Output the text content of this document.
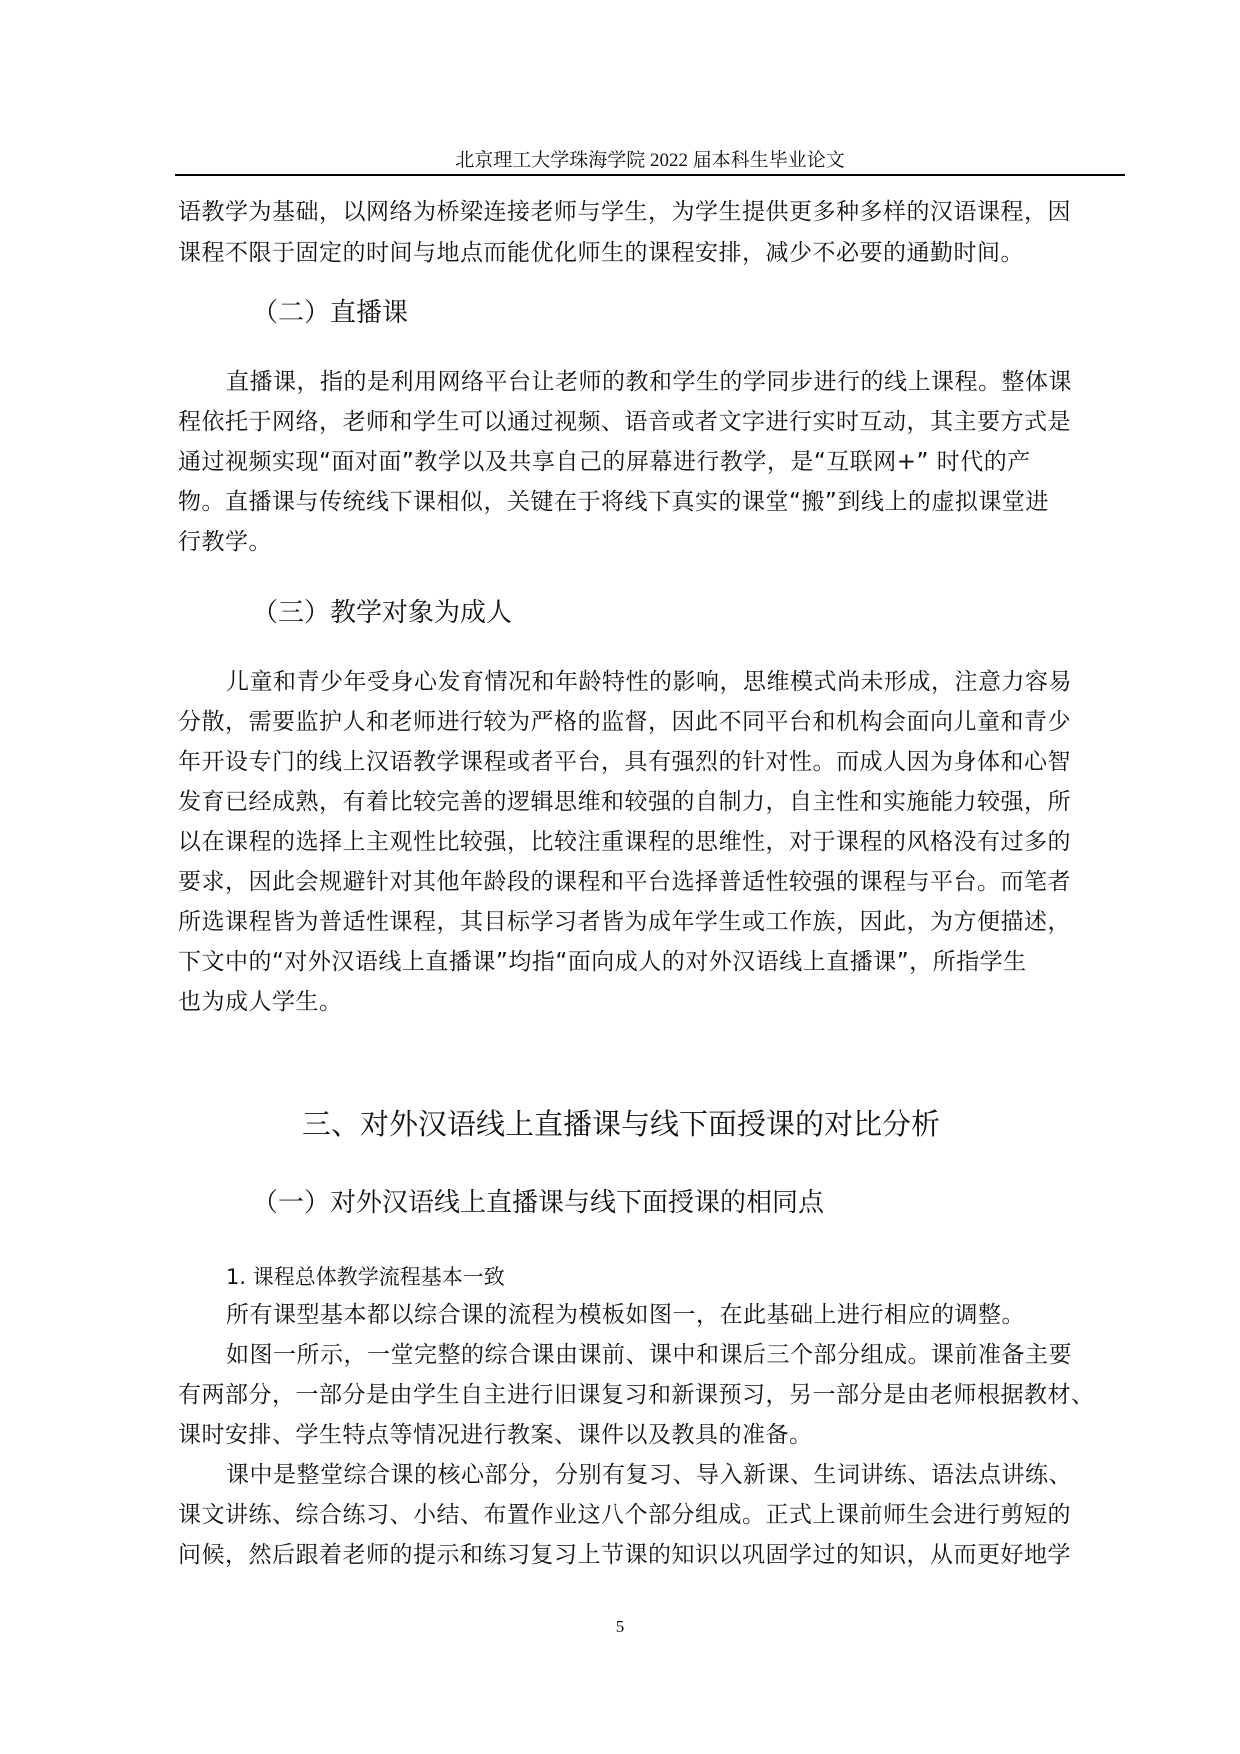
北京理工大学珠海学院 2022 届本科生毕业论文
语教学为基础，以网络为桥梁连接老师与学生，为学生提供更多种多样的汉语课程，因
课程不限于固定的时间与地点而能优化师生的课程安排，减少不必要的通勤时间。
（二）直播课
直播课，指的是利用网络平台让老师的教和学生的学同步进行的线上课程。整体课
程依托于网络，老师和学生可以通过视频、语音或者文字进行实时互动，其主要方式是
通过视频实现“面对面”教学以及共享自己的屏幕进行教学，是“互联网+” 时代的产
物。直播课与传统线下课相似，关键在于将线下真实的课堂“搬”到线上的虚拟课堂进
行教学。
（三）教学对象为成人
儿童和青少年受身心发育情况和年龄特性的影响，思维模式尚未形成，注意力容易
分散，需要监护人和老师进行较为严格的监督，因此不同平台和机构会面向儿童和青少
年开设专门的线上汉语教学课程或者平台，具有强烈的针对性。而成人因为身体和心智
发育已经成熟，有着比较完善的逻辑思维和较强的自制力，自主性和实施能力较强，所
以在课程的选择上主观性比较强，比较注重课程的思维性，对于课程的风格没有过多的
要求，因此会规避针对其他年龄段的课程和平台选择普适性较强的课程与平台。而笔者
所选课程皆为普适性课程，其目标学习者皆为成年学生或工作族，因此，为方便描述，
下文中的“对外汉语线上直播课”均指“面向成人的对外汉语线上直播课”，所指学生
也为成人学生。
三、对外汉语线上直播课与线下面授课的对比分析
（一）对外汉语线上直播课与线下面授课的相同点
1. 课程总体教学流程基本一致
所有课型基本都以综合课的流程为模板如图一，在此基础上进行相应的调整。
如图一所示，一堂完整的综合课由课前、课中和课后三个部分组成。课前准备主要
有两部分，一部分是由学生自主进行旧课复习和新课预习，另一部分是由老师根据教材、
课时安排、学生特点等情况进行教案、课件以及教具的准备。
课中是整堂综合课的核心部分，分别有复习、导入新课、生词讲练、语法点讲练、
课文讲练、综合练习、小结、布置作业这八个部分组成。正式上课前师生会进行剪短的
问候，然后跟着老师的提示和练习复习上节课的知识以巩固学过的知识，从而更好地学
5
